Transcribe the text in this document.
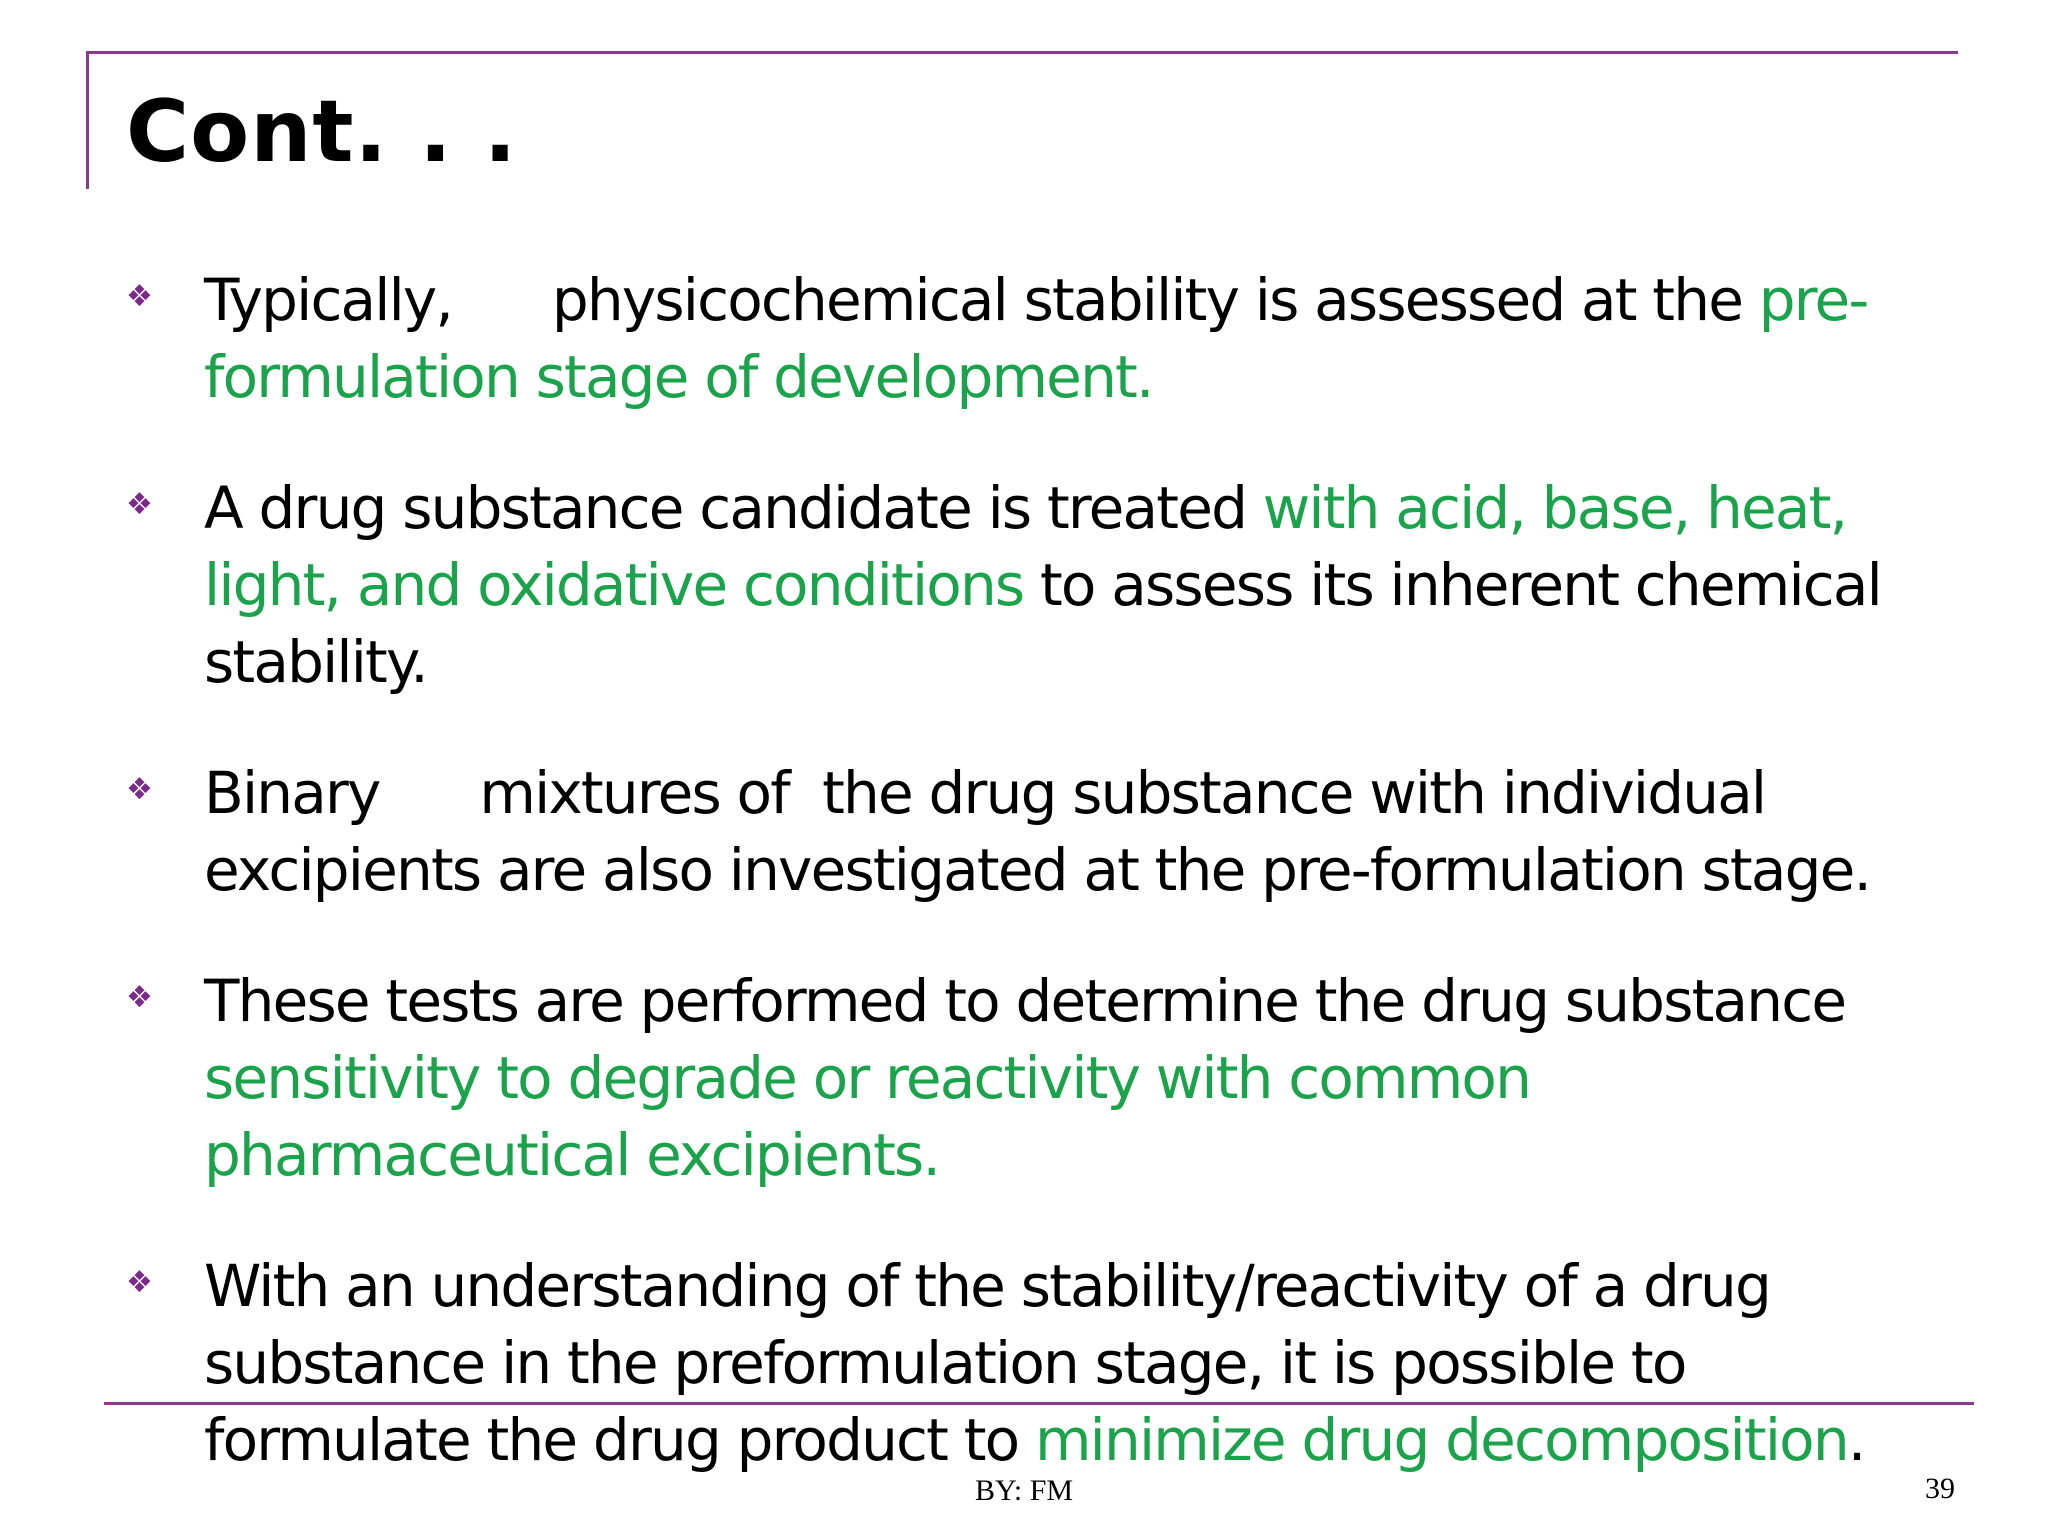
Cont. . .
❖ Typically,      physicochemical stability is assessed at the pre-formulation stage of development.
❖ A drug substance candidate is treated with acid, base, heat, light, and oxidative conditions to assess its inherent chemical stability.
❖ Binary      mixtures of  the drug substance with individual excipients are also investigated at the pre-formulation stage.
❖ These tests are performed to determine the drug substance sensitivity to degrade or reactivity with common pharmaceutical excipients.
❖ With an understanding of the stability/reactivity of a drug substance in the preformulation stage, it is possible to formulate the drug product to minimize drug decomposition.
BY: FM	39
